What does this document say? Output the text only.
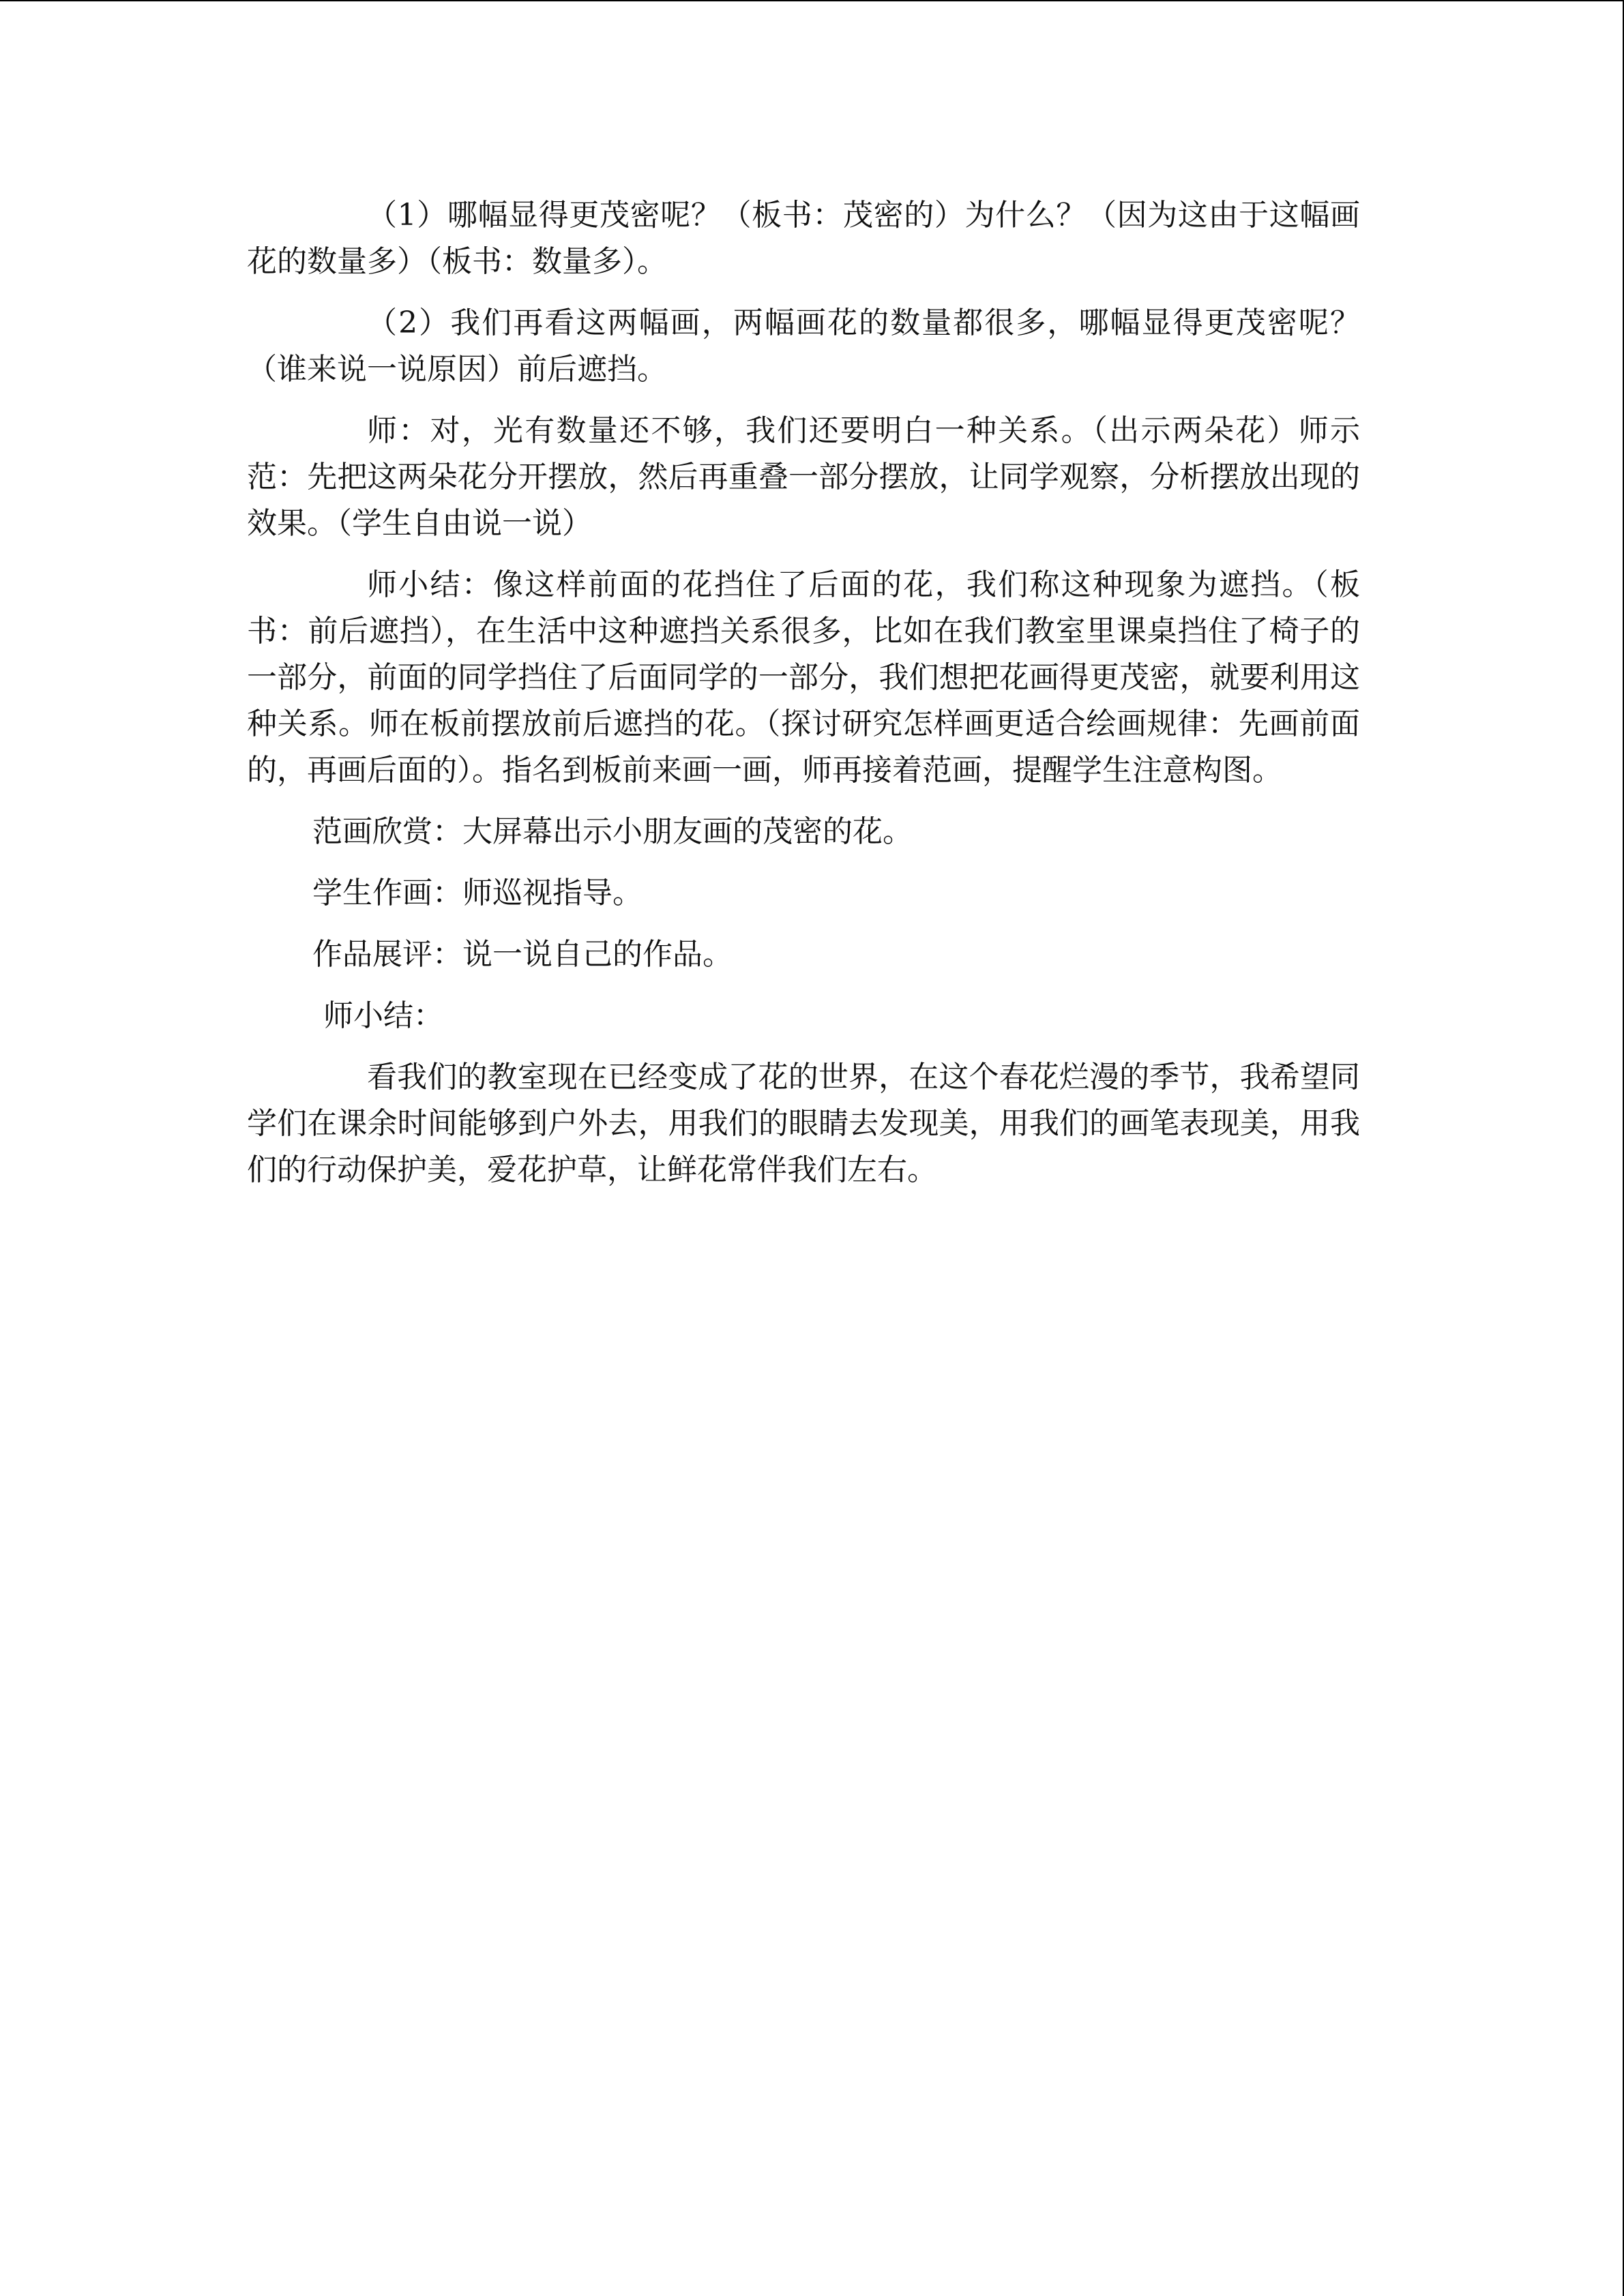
（1）哪幅显得更茂密呢？（板书：茂密的）为什么？（因为这由于这幅画花的数量多）（板书：数量多）。

（2）我们再看这两幅画，两幅画花的数量都很多，哪幅显得更茂密呢？（谁来说一说原因）前后遮挡。

师：对，光有数量还不够，我们还要明白一种关系。（出示两朵花）师示范：先把这两朵花分开摆放，然后再重叠一部分摆放，让同学观察，分析摆放出现的效果。（学生自由说一说）

师小结：像这样前面的花挡住了后面的花，我们称这种现象为遮挡。（板书：前后遮挡），在生活中这种遮挡关系很多，比如在我们教室里课桌挡住了椅子的一部分，前面的同学挡住了后面同学的一部分，我们想把花画得更茂密，就要利用这种关系。师在板前摆放前后遮挡的花。（探讨研究怎样画更适合绘画规律：先画前面的，再画后面的）。指名到板前来画一画，师再接着范画，提醒学生注意构图。

范画欣赏：大屏幕出示小朋友画的茂密的花。

学生作画：师巡视指导。

作品展评：说一说自己的作品。

师小结：

看我们的教室现在已经变成了花的世界，在这个春花烂漫的季节，我希望同学们在课余时间能够到户外去，用我们的眼睛去发现美，用我们的画笔表现美，用我们的行动保护美，爱花护草，让鲜花常伴我们左右。
